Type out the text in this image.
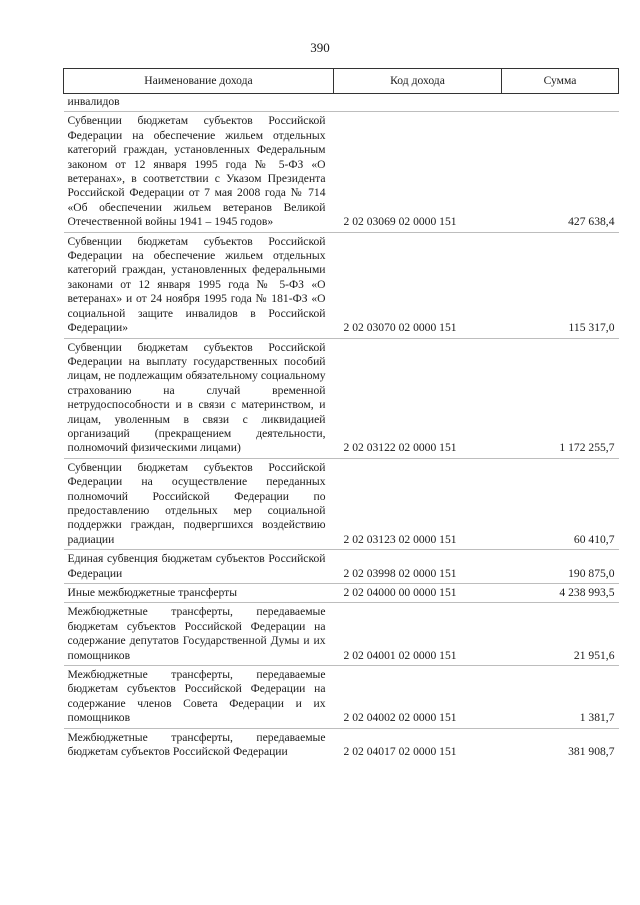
390
Наименование дохода	Код дохода	Сумма
инвалидов		
Субвенции бюджетам субъектов Российской Федерации на обеспечение жильем отдельных категорий граждан, установленных Федеральным законом от 12 января 1995 года № 5-ФЗ «О ветеранах», в соответствии с Указом Президента Российской Федерации от 7 мая 2008 года № 714 «Об обеспечении жильем ветеранов Великой Отечественной войны 1941 – 1945 годов»	2 02 03069 02 0000 151	427 638,4
Субвенции бюджетам субъектов Российской Федерации на обеспечение жильем отдельных категорий граждан, установленных федеральными законами от 12 января 1995 года № 5-ФЗ «О ветеранах» и от 24 ноября 1995 года № 181-ФЗ «О социальной защите инвалидов в Российской Федерации»	2 02 03070 02 0000 151	115 317,0
Субвенции бюджетам субъектов Российской Федерации на выплату государственных пособий лицам, не подлежащим обязательному социальному страхованию на случай временной нетрудоспособности и в связи с материнством, и лицам, уволенным в связи с ликвидацией организаций (прекращением деятельности, полномочий физическими лицами)	2 02 03122 02 0000 151	1 172 255,7
Субвенции бюджетам субъектов Российской Федерации на осуществление переданных полномочий Российской Федерации по предоставлению отдельных мер социальной поддержки граждан, подвергшихся воздействию радиации	2 02 03123 02 0000 151	60 410,7
Единая субвенция бюджетам субъектов Российской Федерации	2 02 03998 02 0000 151	190 875,0
Иные межбюджетные трансферты	2 02 04000 00 0000 151	4 238 993,5
Межбюджетные трансферты, передаваемые бюджетам субъектов Российской Федерации на содержание депутатов Государственной Думы и их помощников	2 02 04001 02 0000 151	21 951,6
Межбюджетные трансферты, передаваемые бюджетам субъектов Российской Федерации на содержание членов Совета Федерации и их помощников	2 02 04002 02 0000 151	1 381,7
Межбюджетные трансферты, передаваемые бюджетам субъектов Российской Федерации	2 02 04017 02 0000 151	381 908,7
